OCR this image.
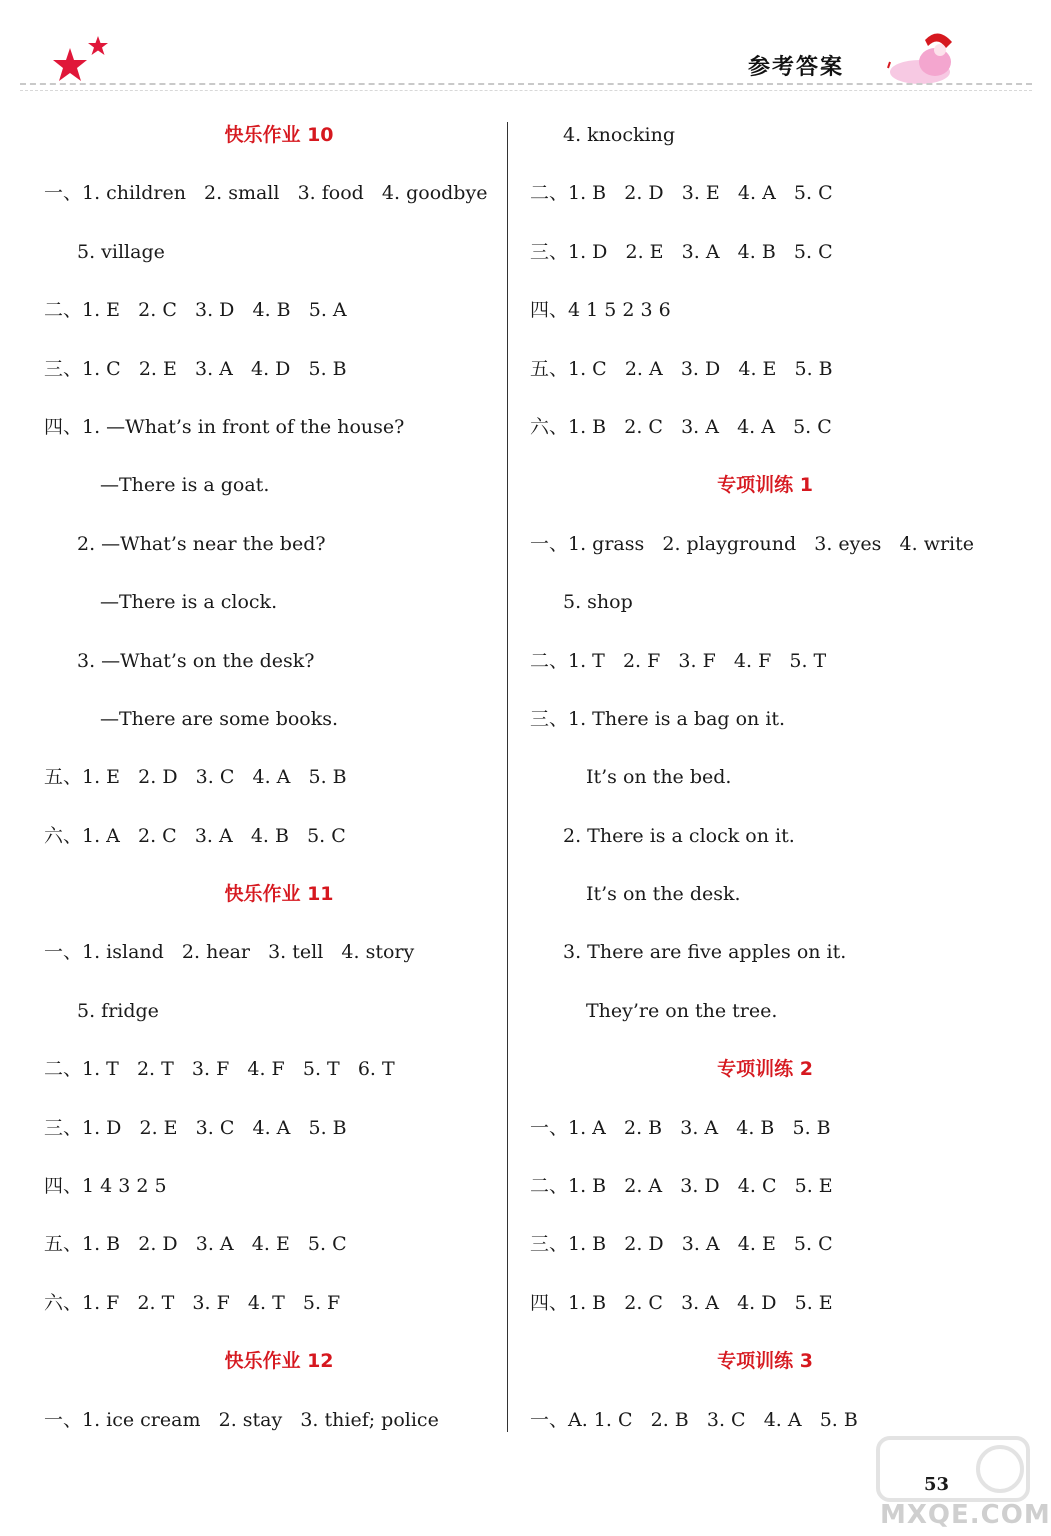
参考答案
快乐作业 10
一、1. children   2. small   3. food   4. goodbye
5. village
二、1. E   2. C   3. D   4. B   5. A
三、1. C   2. E   3. A   4. D   5. B
四、1. —What’s in front of the house?
—There is a goat.
2. —What’s near the bed?
—There is a clock.
3. —What’s on the desk?
—There are some books.
五、1. E   2. D   3. C   4. A   5. B
六、1. A   2. C   3. A   4. B   5. C
快乐作业 11
一、1. island   2. hear   3. tell   4. story
5. fridge
二、1. T   2. T   3. F   4. F   5. T   6. T
三、1. D   2. E   3. C   4. A   5. B
四、1 4 3 2 5
五、1. B   2. D   3. A   4. E   5. C
六、1. F   2. T   3. F   4. T   5. F
快乐作业 12
一、1. ice cream   2. stay   3. thief; police
4. knocking
二、1. B   2. D   3. E   4. A   5. C
三、1. D   2. E   3. A   4. B   5. C
四、4 1 5 2 3 6
五、1. C   2. A   3. D   4. E   5. B
六、1. B   2. C   3. A   4. A   5. C
专项训练 1
一、1. grass   2. playground   3. eyes   4. write
5. shop
二、1. T   2. F   3. F   4. F   5. T
三、1. There is a bag on it.
It’s on the bed.
2. There is a clock on it.
It’s on the desk.
3. There are five apples on it.
They’re on the tree.
专项训练 2
一、1. A   2. B   3. A   4. B   5. B
二、1. B   2. A   3. D   4. C   5. E
三、1. B   2. D   3. A   4. E   5. C
四、1. B   2. C   3. A   4. D   5. E
专项训练 3
一、A. 1. C   2. B   3. C   4. A   5. B
MXQE.COM
53
